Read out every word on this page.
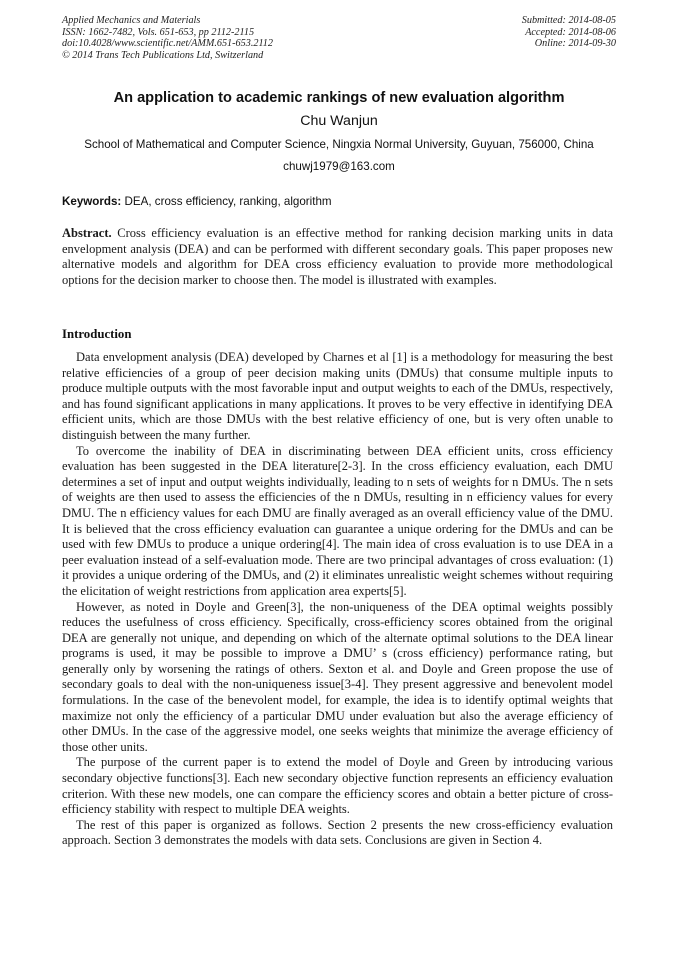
Applied Mechanics and Materials
ISSN: 1662-7482, Vols. 651-653, pp 2112-2115
doi:10.4028/www.scientific.net/AMM.651-653.2112
© 2014 Trans Tech Publications Ltd, Switzerland
Submitted: 2014-08-05
Accepted: 2014-08-06
Online: 2014-09-30
An application to academic rankings of new evaluation algorithm
Chu Wanjun
School of Mathematical and Computer Science, Ningxia Normal University, Guyuan, 756000, China
chuwj1979@163.com
Keywords: DEA, cross efficiency, ranking, algorithm
Abstract. Cross efficiency evaluation is an effective method for ranking decision marking units in data envelopment analysis (DEA) and can be performed with different secondary goals. This paper proposes new alternative models and algorithm for DEA cross efficiency evaluation to provide more methodological options for the decision marker to choose then. The model is illustrated with examples.
Introduction

Data envelopment analysis (DEA) developed by Charnes et al [1] is a methodology for measuring the best relative efficiencies of a group of peer decision making units (DMUs) that consume multiple inputs to produce multiple outputs with the most favorable input and output weights to each of the DMUs, respectively, and has found significant applications in many applications. It proves to be very effective in identifying DEA efficient units, which are those DMUs with the best relative efficiency of one, but is very often unable to distinguish between the many further.

To overcome the inability of DEA in discriminating between DEA efficient units, cross efficiency evaluation has been suggested in the DEA literature[2-3]. In the cross efficiency evaluation, each DMU determines a set of input and output weights individually, leading to n sets of weights for n DMUs. The n sets of weights are then used to assess the efficiencies of the n DMUs, resulting in n efficiency values for every DMU. The n efficiency values for each DMU are finally averaged as an overall efficiency value of the DMU. It is believed that the cross efficiency evaluation can guarantee a unique ordering for the DMUs and can be used with few DMUs to produce a unique ordering[4]. The main idea of cross evaluation is to use DEA in a peer evaluation instead of a self-evaluation mode. There are two principal advantages of cross evaluation: (1) it provides a unique ordering of the DMUs, and (2) it eliminates unrealistic weight schemes without requiring the elicitation of weight restrictions from application area experts[5].

However, as noted in Doyle and Green[3], the non-uniqueness of the DEA optimal weights possibly reduces the usefulness of cross efficiency. Specifically, cross-efficiency scores obtained from the original DEA are generally not unique, and depending on which of the alternate optimal solutions to the DEA linear programs is used, it may be possible to improve a DMU’ s (cross efficiency) performance rating, but generally only by worsening the ratings of others. Sexton et al. and Doyle and Green propose the use of secondary goals to deal with the non-uniqueness issue[3-4]. They present aggressive and benevolent model formulations. In the case of the benevolent model, for example, the idea is to identify optimal weights that maximize not only the efficiency of a particular DMU under evaluation but also the average efficiency of other DMUs. In the case of the aggressive model, one seeks weights that minimize the average efficiency of those other units.

The purpose of the current paper is to extend the model of Doyle and Green by introducing various secondary objective functions[3]. Each new secondary objective function represents an efficiency evaluation criterion. With these new models, one can compare the efficiency scores and obtain a better picture of cross-efficiency stability with respect to multiple DEA weights.

The rest of this paper is organized as follows. Section 2 presents the new cross-efficiency evaluation approach. Section 3 demonstrates the models with data sets. Conclusions are given in Section 4.
